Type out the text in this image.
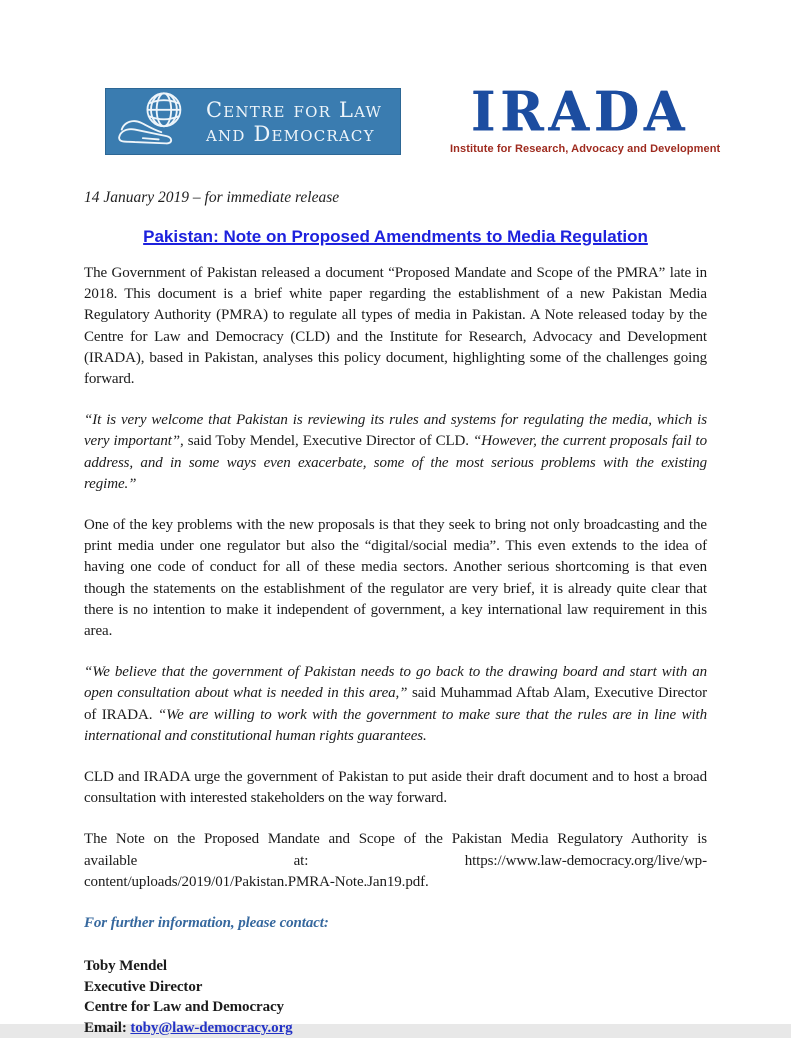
Centre for Law
and Democracy	IRADA
Institute for Research, Advocacy and Development
14 January 2019 – for immediate release
Pakistan: Note on Proposed Amendments to Media Regulation

The Government of Pakistan released a document “Proposed Mandate and Scope of the PMRA” late in 2018. This document is a brief white paper regarding the establishment of a new Pakistan Media Regulatory Authority (PMRA) to regulate all types of media in Pakistan. A Note released today by the Centre for Law and Democracy (CLD) and the Institute for Research, Advocacy and Development (IRADA), based in Pakistan, analyses this policy document, highlighting some of the challenges going forward.

“It is very welcome that Pakistan is reviewing its rules and systems for regulating the media, which is very important”, said Toby Mendel, Executive Director of CLD. “However, the current proposals fail to address, and in some ways even exacerbate, some of the most serious problems with the existing regime.”

One of the key problems with the new proposals is that they seek to bring not only broadcasting and the print media under one regulator but also the “digital/social media”. This even extends to the idea of having one code of conduct for all of these media sectors. Another serious shortcoming is that even though the statements on the establishment of the regulator are very brief, it is already quite clear that there is no intention to make it independent of government, a key international law requirement in this area.

“We believe that the government of Pakistan needs to go back to the drawing board and start with an open consultation about what is needed in this area,” said Muhammad Aftab Alam, Executive Director of IRADA. “We are willing to work with the government to make sure that the rules are in line with international and constitutional human rights guarantees.

CLD and IRADA urge the government of Pakistan to put aside their draft document and to host a broad consultation with interested stakeholders on the way forward.

The Note on the Proposed Mandate and Scope of the Pakistan Media Regulatory Authority is
available	at:	https://www.law-democracy.org/live/wp-
content/uploads/2019/01/Pakistan.PMRA-Note.Jan19.pdf.

For further information, please contact:

Toby Mendel
Executive Director
Centre for Law and Democracy
Email: toby@law-democracy.org
